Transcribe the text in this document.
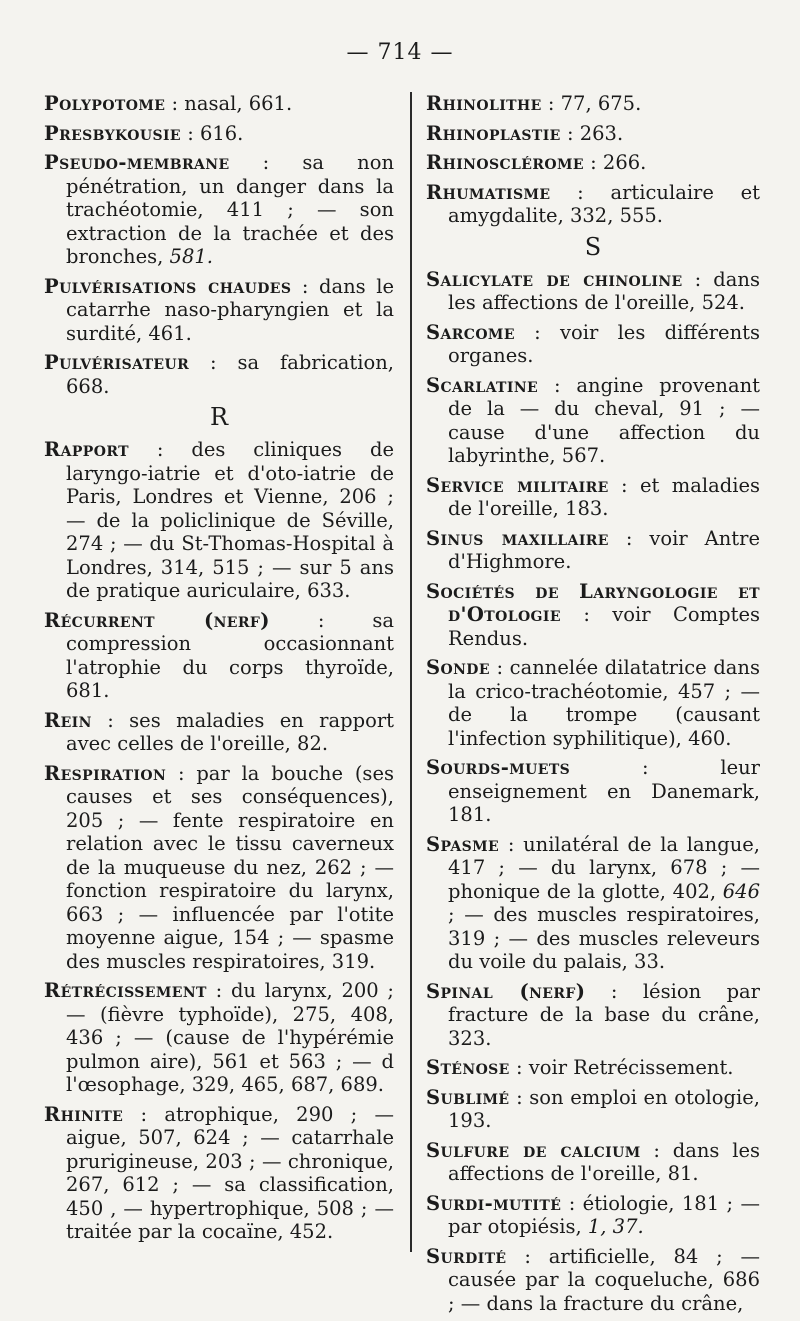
— 714 —

Polypotome : nasal, 661.

Presbykousie : 616.

Pseudo-membrane : sa non pénétration, un danger dans la trachéotomie, 411 ; — son extraction de la trachée et des bronches, 581.

Pulvérisations chaudes : dans le catarrhe naso-pharyngien et la surdité, 461.

Pulvérisateur : sa fabrication, 668.

R

Rapport : des cliniques de laryngo-iatrie et d'oto-iatrie de Paris, Londres et Vienne, 206 ; — de la policlinique de Séville, 274 ; — du St-Thomas-Hospital à Londres, 314, 515 ; — sur 5 ans de pratique auriculaire, 633.

Récurrent (nerf) : sa compression occasionnant l'atrophie du corps thyroïde, 681.

Rein : ses maladies en rapport avec celles de l'oreille, 82.

Respiration : par la bouche (ses causes et ses conséquences), 205 ; — fente respiratoire en relation avec le tissu caverneux de la muqueuse du nez, 262 ; — fonction respiratoire du larynx, 663 ; — influencée par l'otite moyenne aigue, 154 ; — spasme des muscles respiratoires, 319.

Rétrécissement : du larynx, 200 ; — (fièvre typhoïde), 275, 408, 436 ; — (cause de l'hypérémie pulmon aire), 561 et 563 ; — d l'œsophage, 329, 465, 687, 689.

Rhinite : atrophique, 290 ; — aigue, 507, 624 ; — catarrhale prurigineuse, 203 ; — chronique, 267, 612 ; — sa classification, 450 , — hypertrophique, 508 ; — traitée par la cocaïne, 452.

Rhinolithe : 77, 675.

Rhinoplastie : 263.

Rhinosclérome : 266.

Rhumatisme : articulaire et amygdalite, 332, 555.

S

Salicylate de chinoline : dans les affections de l'oreille, 524.

Sarcome : voir les différents organes.

Scarlatine : angine provenant de la — du cheval, 91 ; — cause d'une affection du labyrinthe, 567.

Service militaire : et maladies de l'oreille, 183.

Sinus maxillaire : voir Antre d'Highmore.

Sociétés de Laryngologie et d'Otologie : voir Comptes Rendus.

Sonde : cannelée dilatatrice dans la crico-trachéotomie, 457 ; — de la trompe (causant l'infection syphilitique), 460.

Sourds-muets : leur enseignement en Danemark, 181.

Spasme : unilatéral de la langue, 417 ; — du larynx, 678 ; — phonique de la glotte, 402, 646 ; — des muscles respiratoires, 319 ; — des muscles releveurs du voile du palais, 33.

Spinal (nerf) : lésion par fracture de la base du crâne, 323.

Sténose : voir Retrécissement.

Sublimé : son emploi en otologie, 193.

Sulfure de calcium : dans les affections de l'oreille, 81.

Surdi-mutité : étiologie, 181 ; — par otopiésis, 1, 37.

Surdité : artificielle, 84 ; — causée par la coqueluche, 686 ; — dans la fracture du crâne,
